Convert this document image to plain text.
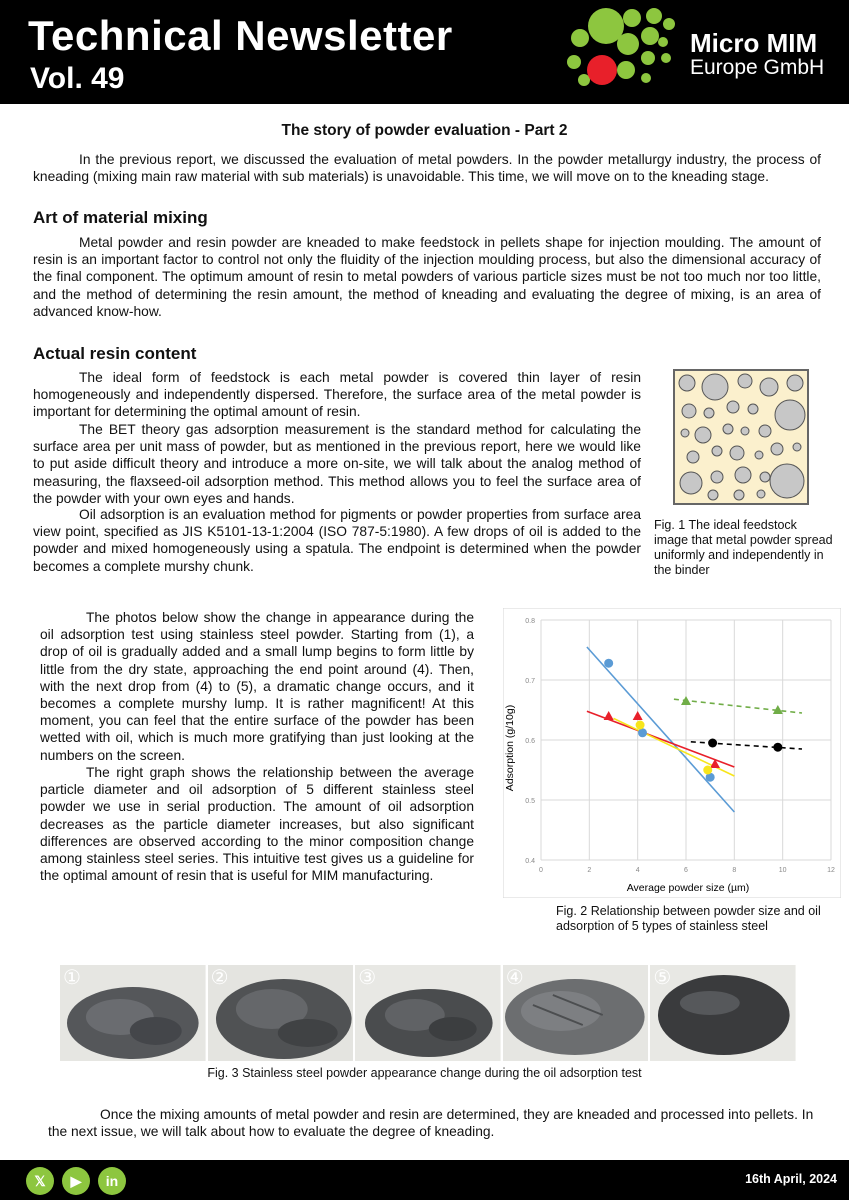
Technical Newsletter
Vol. 49
Micro MIM
Europe GmbH
The story of powder evaluation - Part 2

In the previous report, we discussed the evaluation of metal powders. In the powder metallurgy industry, the process of kneading (mixing main raw material with sub materials) is unavoidable. This time, we will move on to the kneading stage.

Art of material mixing

Metal powder and resin powder are kneaded to make feedstock in pellets shape for injection moulding. The amount of resin is an important factor to control not only the fluidity of the injection moulding process, but also the dimensional accuracy of the final component. The optimum amount of resin to metal powders of various particle sizes must be not too much nor too little, and the method of determining the resin amount, the method of kneading and evaluating the degree of mixing, is an area of advanced know-how.

Actual resin content

The ideal form of feedstock is each metal powder is covered thin layer of resin homogeneously and independently dispersed. Therefore, the surface area of the metal powder is important for determining the optimal amount of resin.

The BET theory gas adsorption measurement is the standard method for calculating the surface area per unit mass of powder, but as mentioned in the previous report, here we would like to put aside difficult theory and introduce a more on-site, we will talk about the analog method of measuring, the flaxseed-oil adsorption method. This method allows you to feel the surface area of the powder with your own eyes and hands.

Oil adsorption is an evaluation method for pigments or powder properties from surface area view point, specified as JIS K5101-13-1:2004 (ISO 787-5:1980). A few drops of oil is added to the powder and mixed homogeneously using a spatula. The endpoint is determined when the powder becomes a complete murshy chunk.

Fig. 1 The ideal feedstock image that metal powder spread uniformly and independently in the binder

The photos below show the change in appearance during the oil adsorption test using stainless steel powder. Starting from (1), a drop of oil is gradually added and a small lump begins to form little by little from the dry state, approaching the end point around (4). Then, with the next drop from (4) to (5), a dramatic change occurs, and it becomes a complete murshy lump. It is rather magnificent! At this moment, you can feel that the entire surface of the powder has been wetted with oil, which is much more gratifying than just looking at the numbers on the screen.

The right graph shows the relationship between the average particle diameter and oil adsorption of 5 different stainless steel powder we use in serial production. The amount of oil adsorption decreases as the particle diameter increases, but also significant differences are observed according to the minor composition change among stainless steel series. This intuitive test gives us a guideline for the optimal amount of resin that is useful for MIM manufacturing.	0	2	4	6	8	10	12
0.4
0.5
0.6
0.7
0.8
Average powder size (µm)
Adsorption (g/10g)
Fig. 2 Relationship between powder size and oil adsorption of 5 types of stainless steel
①	②	③	④	⑤
Fig. 3 Stainless steel powder appearance change during the oil adsorption test

Once the mixing amounts of metal powder and resin are determined, they are kneaded and processed into pellets. In the next issue, we will talk about how to evaluate the degree of kneading.

𝕏	▶	in	16th April, 2024
